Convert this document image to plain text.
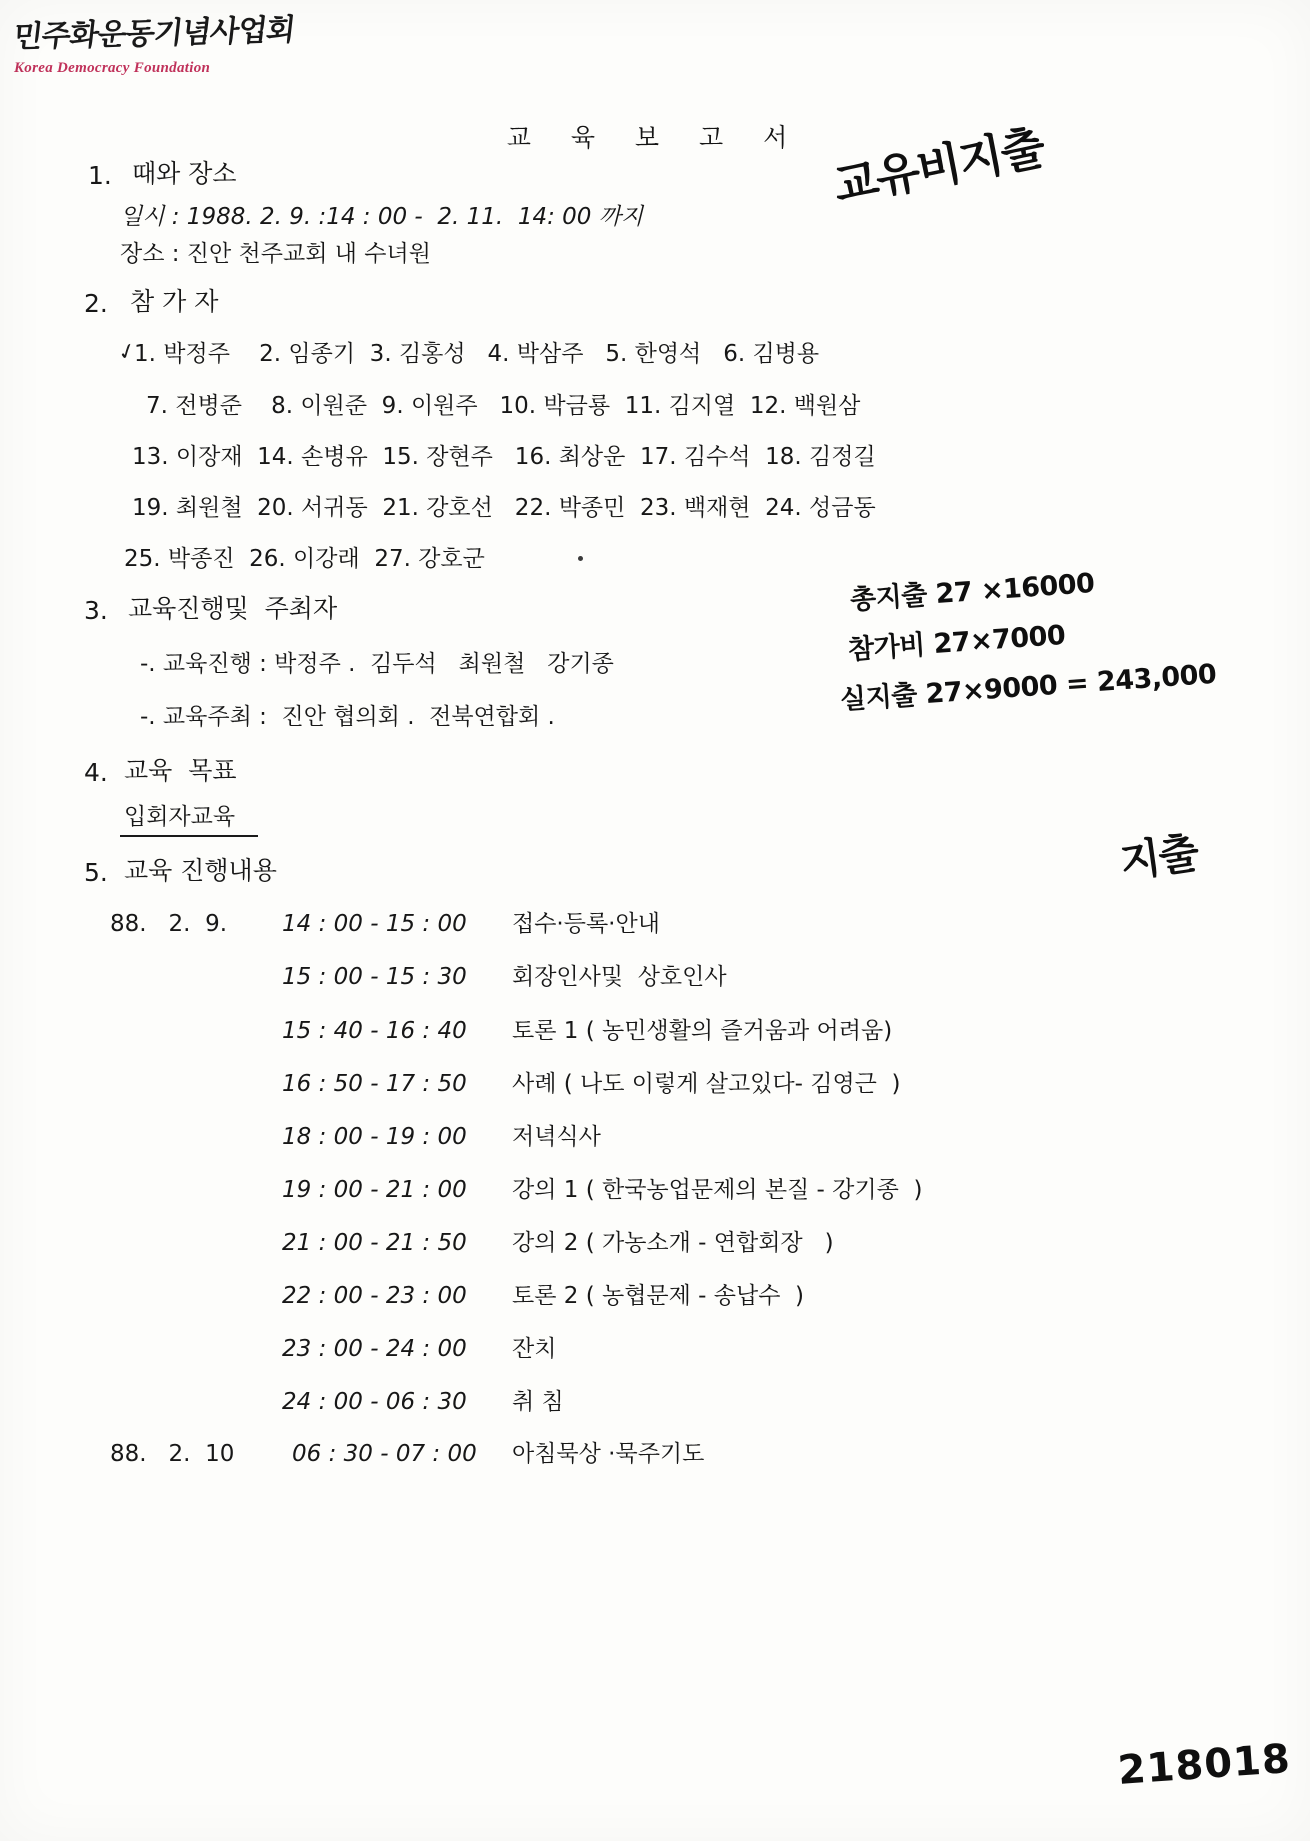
민주화운동기념사업회
Korea Democracy Foundation
교 육 보 고 서
1. 때와 장소
일시 : 1988. 2. 9. :14 : 00 -  2. 11.  14: 00 까지
장소 : 진안 천주교회 내 수녀원
2. 참 가 자
✓
1. 박정주    2. 임종기  3. 김홍성   4. 박삼주   5. 한영석   6. 김병용
7. 전병준    8. 이원준  9. 이원주   10. 박금룡  11. 김지열  12. 백원삼
13. 이장재  14. 손병유  15. 장현주   16. 최상운  17. 김수석  18. 김정길
19. 최원철  20. 서귀동  21. 강호선   22. 박종민  23. 백재현  24. 성금동
25. 박종진  26. 이강래  27. 강호군
3. 교육진행및  주최자
-. 교육진행 : 박정주 .  김두석   최원철   강기종
-. 교육주최 :  진안 협의회 .  전북연합회 .
4. 교육  목표
입회자교육
5. 교육 진행내용
88.   2.  9. 14 : 00 - 15 : 00 접수·등록·안내
15 : 00 - 15 : 30 회장인사및  상호인사
15 : 40 - 16 : 40 토론 1 ( 농민생활의 즐거움과 어려움)
16 : 50 - 17 : 50 사례 ( 나도 이렇게 살고있다- 김영근  )
18 : 00 - 19 : 00 저녁식사
19 : 00 - 21 : 00 강의 1 ( 한국농업문제의 본질 - 강기종  )
21 : 00 - 21 : 50 강의 2 ( 가농소개 - 연합회장   )
22 : 00 - 23 : 00 토론 2 ( 농협문제 - 송납수  )
23 : 00 - 24 : 00 잔치
24 : 00 - 06 : 30 취 침
88.   2.  10	06 : 30 - 07 : 00 아침묵상 ·묵주기도
교유비지출
총지출 27 ×16000
참가비 27×7000
실지출 27×9000 = 243,000
지출
218018
